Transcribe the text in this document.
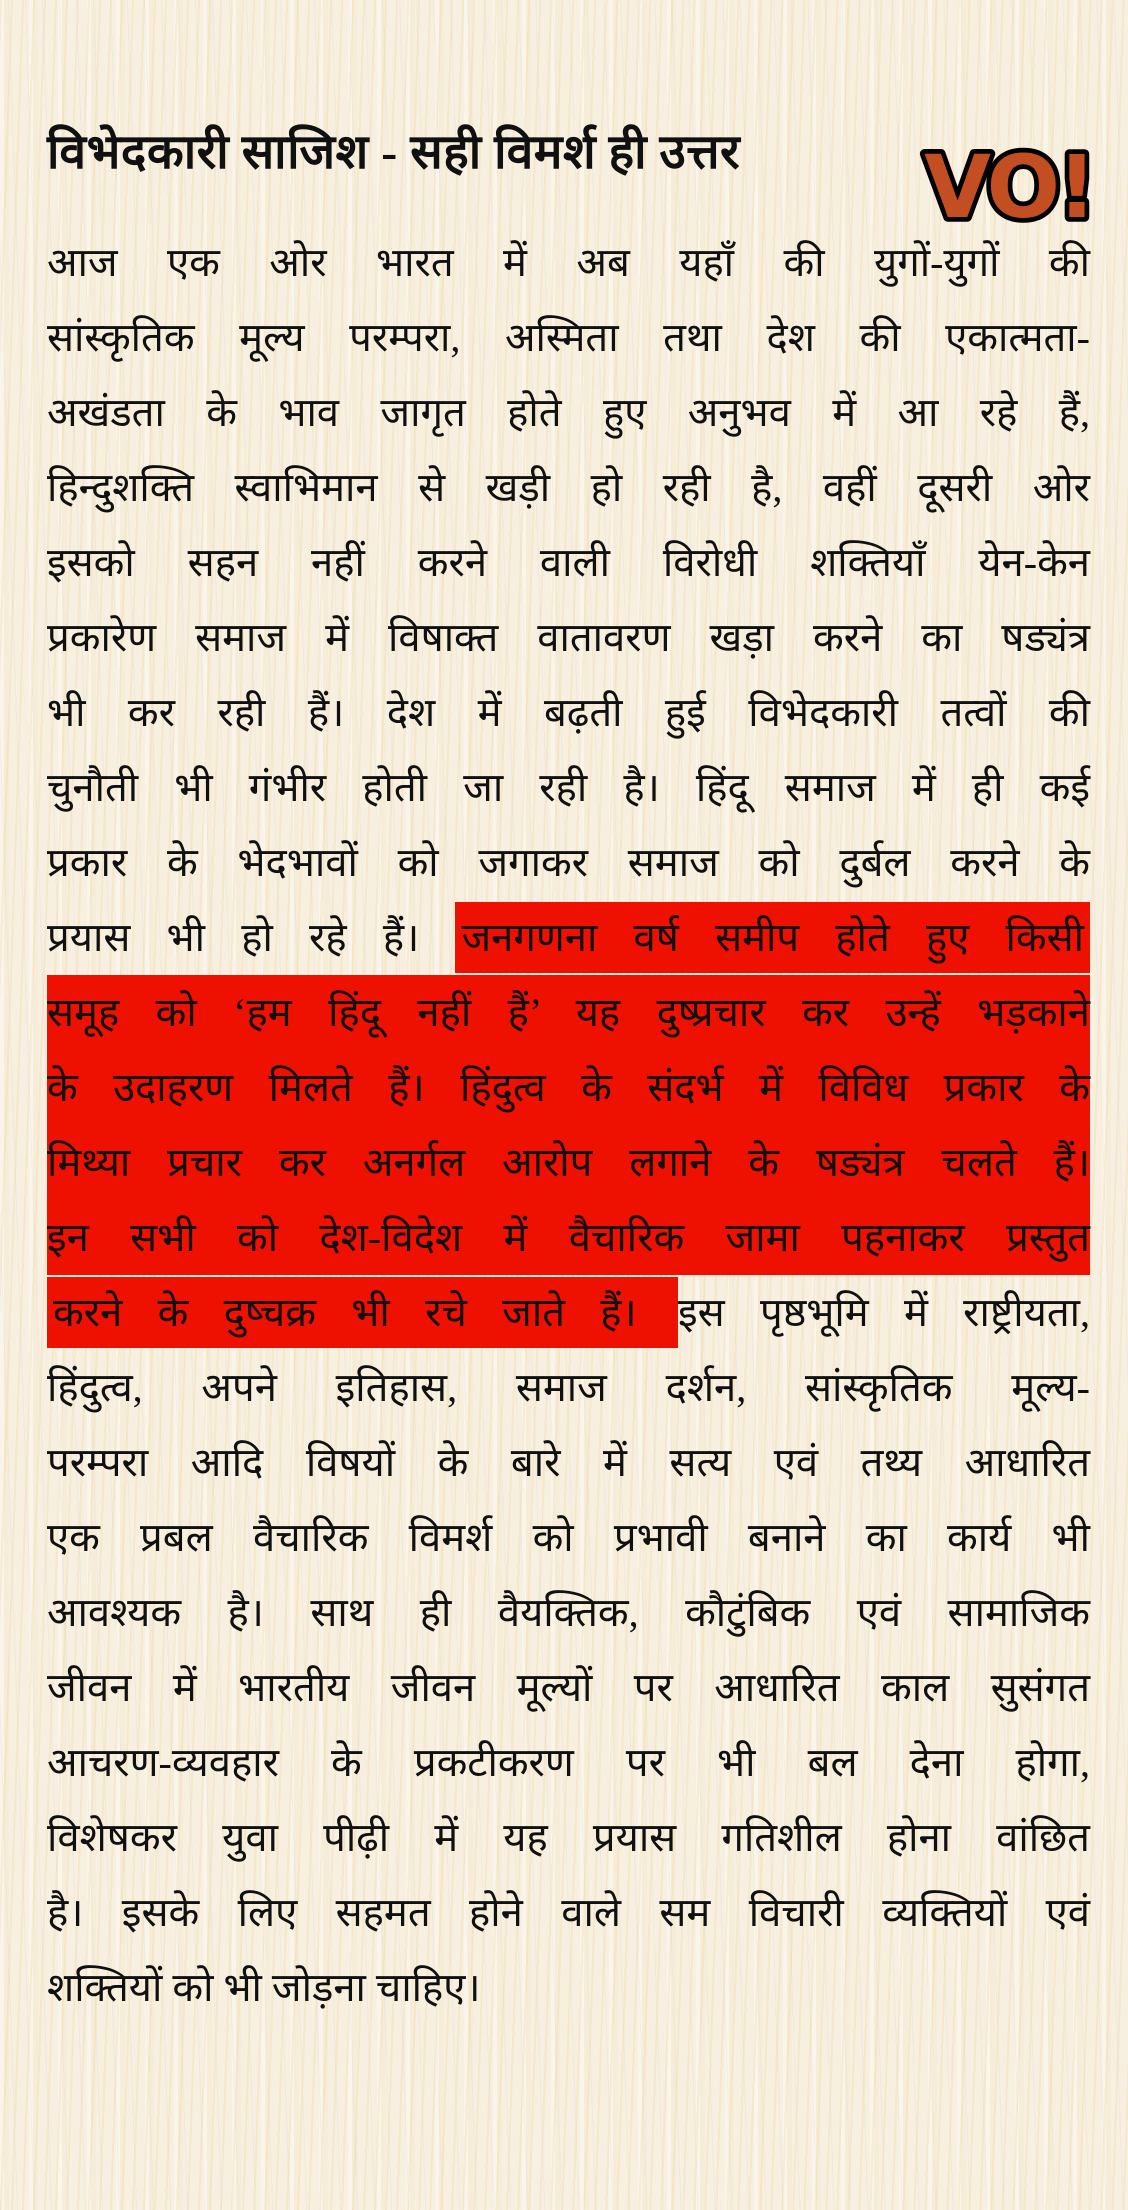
VO!
विभेदकारी साजिश - सही विमर्श ही उत्तर
आज एक ओर भारत में अब यहाँ की युगों-युगों की
सांस्कृतिक मूल्य परम्परा, अस्मिता तथा देश की एकात्मता-
अखंडता के भाव जागृत होते हुए अनुभव में आ रहे हैं,
हिन्दुशक्ति स्वाभिमान से खड़ी हो रही है, वहीं दूसरी ओर
इसको सहन नहीं करने वाली विरोधी शक्तियाँ येन-केन
प्रकारेण समाज में विषाक्त वातावरण खड़ा करने का षड्यंत्र
भी कर रही हैं। देश में बढ़ती हुई विभेदकारी तत्वों की
चुनौती भी गंभीर होती जा रही है। हिंदू समाज में ही कई
प्रकार के भेदभावों को जगाकर समाज को दुर्बल करने के
प्रयास भी हो रहे हैं। जनगणना वर्ष समीप होते हुए किसी
समूह को ‘हम हिंदू नहीं हैं’ यह दुष्प्रचार कर उन्हें भड़काने
के उदाहरण मिलते हैं। हिंदुत्व के संदर्भ में विविध प्रकार के
मिथ्या प्रचार कर अनर्गल आरोप लगाने के षड्यंत्र चलते हैं।
इन सभी को देश-विदेश में वैचारिक जामा पहनाकर प्रस्तुत
करने के दुष्चक्र भी रचे जाते हैं। इस पृष्ठभूमि में राष्ट्रीयता,
हिंदुत्व, अपने इतिहास, समाज दर्शन, सांस्कृतिक मूल्य-
परम्परा आदि विषयों के बारे में सत्य एवं तथ्य आधारित
एक प्रबल वैचारिक विमर्श को प्रभावी बनाने का कार्य भी
आवश्यक है। साथ ही वैयक्तिक, कौटुंबिक एवं सामाजिक
जीवन में भारतीय जीवन मूल्यों पर आधारित काल सुसंगत
आचरण-व्यवहार के प्रकटीकरण पर भी बल देना होगा,
विशेषकर युवा पीढ़ी में यह प्रयास गतिशील होना वांछित
है। इसके लिए सहमत होने वाले सम विचारी व्यक्तियों एवं
शक्तियों को भी जोड़ना चाहिए।
